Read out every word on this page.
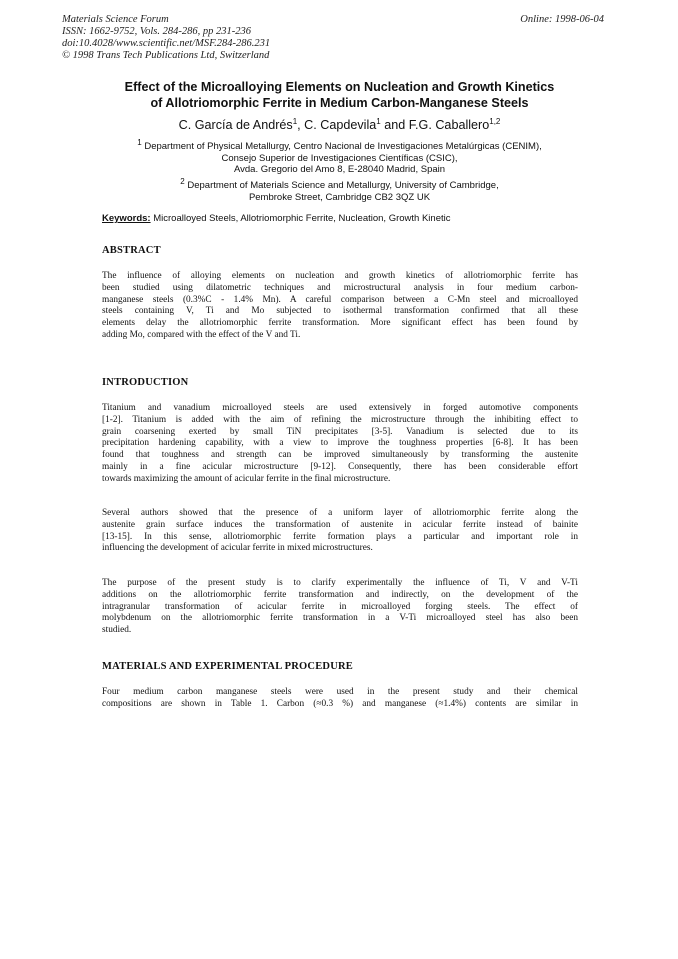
Materials Science Forum
ISSN: 1662-9752, Vols. 284-286, pp 231-236
doi:10.4028/www.scientific.net/MSF.284-286.231
© 1998 Trans Tech Publications Ltd, Switzerland
Online: 1998-06-04
Effect of the Microalloying Elements on Nucleation and Growth Kinetics
of Allotriomorphic Ferrite in Medium Carbon-Manganese Steels
C. García de Andrés$^1$, C. Capdevila$^1$ and F.G. Caballero$^{1,2}$
$^1$ Department of Physical Metallurgy, Centro Nacional de Investigaciones Metalúrgicas (CENIM),
Consejo Superior de Investigaciones Científicas (CSIC),
Avda. Gregorio del Amo 8, E-28040 Madrid, Spain
$^2$ Department of Materials Science and Metallurgy, University of Cambridge,
Pembroke Street, Cambridge CB2 3QZ UK
Keywords: Microalloyed Steels, Allotriomorphic Ferrite, Nucleation, Growth Kinetic
ABSTRACT
The influence of alloying elements on nucleation and growth kinetics of allotriomorphic ferrite has
been studied using dilatometric techniques and microstructural analysis in four medium carbon-
manganese steels (0.3%C - 1.4% Mn). A careful comparison between a C-Mn steel and microalloyed
steels containing V, Ti and Mo subjected to isothermal transformation confirmed that all these
elements delay the allotriomorphic ferrite transformation. More significant effect has been found by
adding Mo, compared with the effect of the V and Ti.
INTRODUCTION
Titanium and vanadium microalloyed steels are used extensively in forged automotive components
[1-2]. Titanium is added with the aim of refining the microstructure through the inhibiting effect to
grain coarsening exerted by small TiN precipitates [3-5]. Vanadium is selected due to its
precipitation hardening capability, with a view to improve the toughness properties [6-8]. It has been
found that toughness and strength can be improved simultaneously by transforming the austenite
mainly in a fine acicular microstructure [9-12]. Consequently, there has been considerable effort
towards maximizing the amount of acicular ferrite in the final microstructure.
Several authors showed that the presence of a uniform layer of allotriomorphic ferrite along the
austenite grain surface induces the transformation of austenite in acicular ferrite instead of bainite
[13-15]. In this sense, allotriomorphic ferrite formation plays a particular and important role in
influencing the development of acicular ferrite in mixed microstructures.
The purpose of the present study is to clarify experimentally the influence of Ti, V and V-Ti
additions on the allotriomorphic ferrite transformation and indirectly, on the development of the
intragranular transformation of acicular ferrite in microalloyed forging steels. The effect of
molybdenum on the allotriomorphic ferrite transformation in a V-Ti microalloyed steel has also been
studied.
MATERIALS AND EXPERIMENTAL PROCEDURE
Four medium carbon manganese steels were used in the present study and their chemical
compositions are shown in Table 1. Carbon (≈0.3 %) and manganese (≈1.4%) contents are similar in
